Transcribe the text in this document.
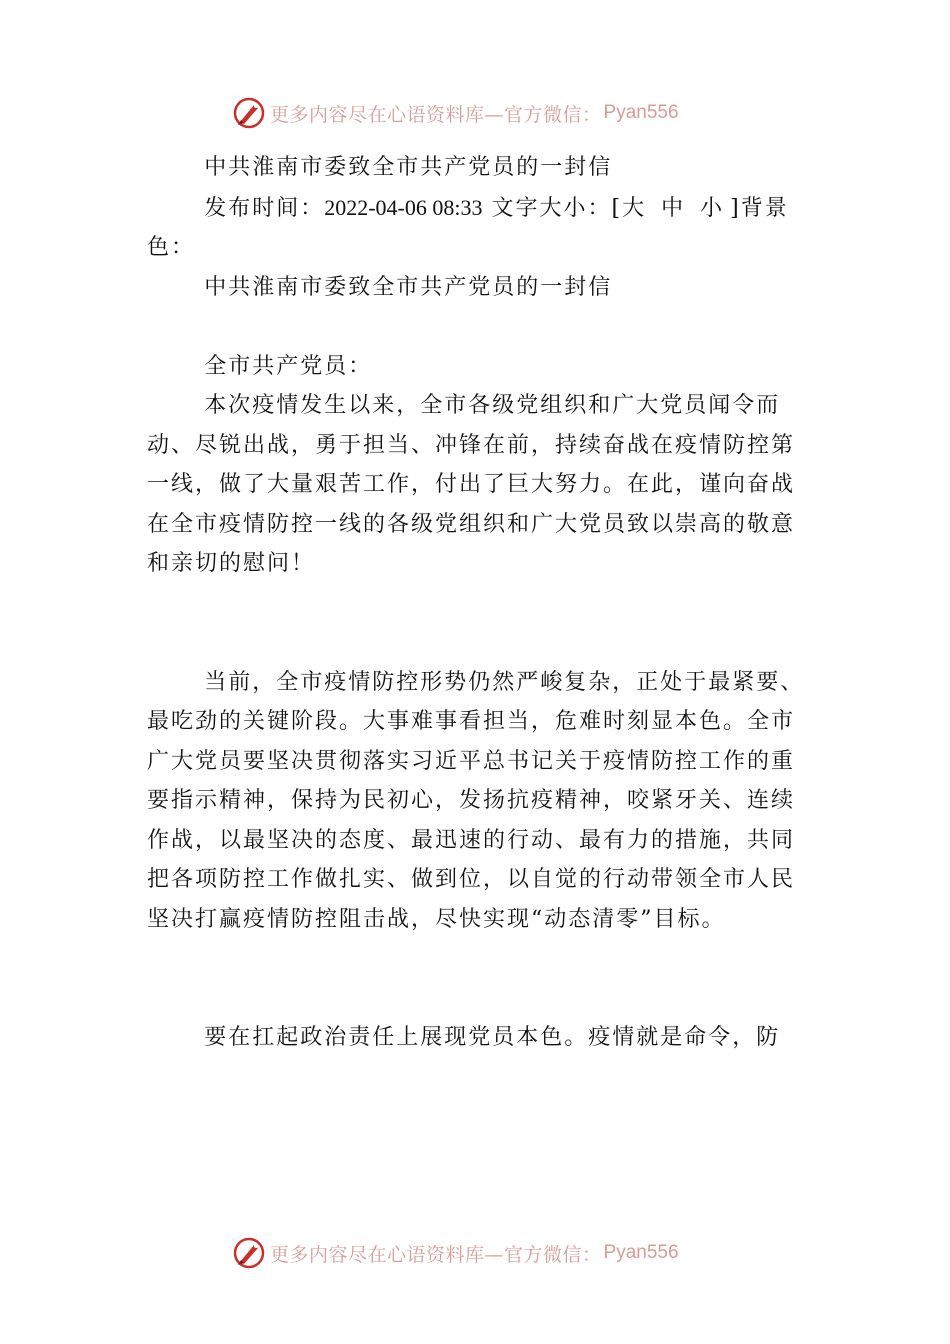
更多内容尽在心语资料库—官方微信： Pyan556

中共淮南市委致全市共产党员的一封信

发布时间：2022-04-06 08:33 文字大小：[大 中 小]背景色：

中共淮南市委致全市共产党员的一封信

全市共产党员：

本次疫情发生以来，全市各级党组织和广大党员闻令而动、尽锐出战，勇于担当、冲锋在前，持续奋战在疫情防控第一线，做了大量艰苦工作，付出了巨大努力。在此，谨向奋战在全市疫情防控一线的各级党组织和广大党员致以崇高的敬意和亲切的慰问！

当前，全市疫情防控形势仍然严峻复杂，正处于最紧要、最吃劲的关键阶段。大事难事看担当，危难时刻显本色。全市广大党员要坚决贯彻落实习近平总书记关于疫情防控工作的重要指示精神，保持为民初心，发扬抗疫精神，咬紧牙关、连续作战，以最坚决的态度、最迅速的行动、最有力的措施，共同把各项防控工作做扎实、做到位，以自觉的行动带领全市人民坚决打赢疫情防控阻击战，尽快实现“动态清零”目标。

要在扛起政治责任上展现党员本色。疫情就是命令，防

更多内容尽在心语资料库—官方微信： Pyan556
